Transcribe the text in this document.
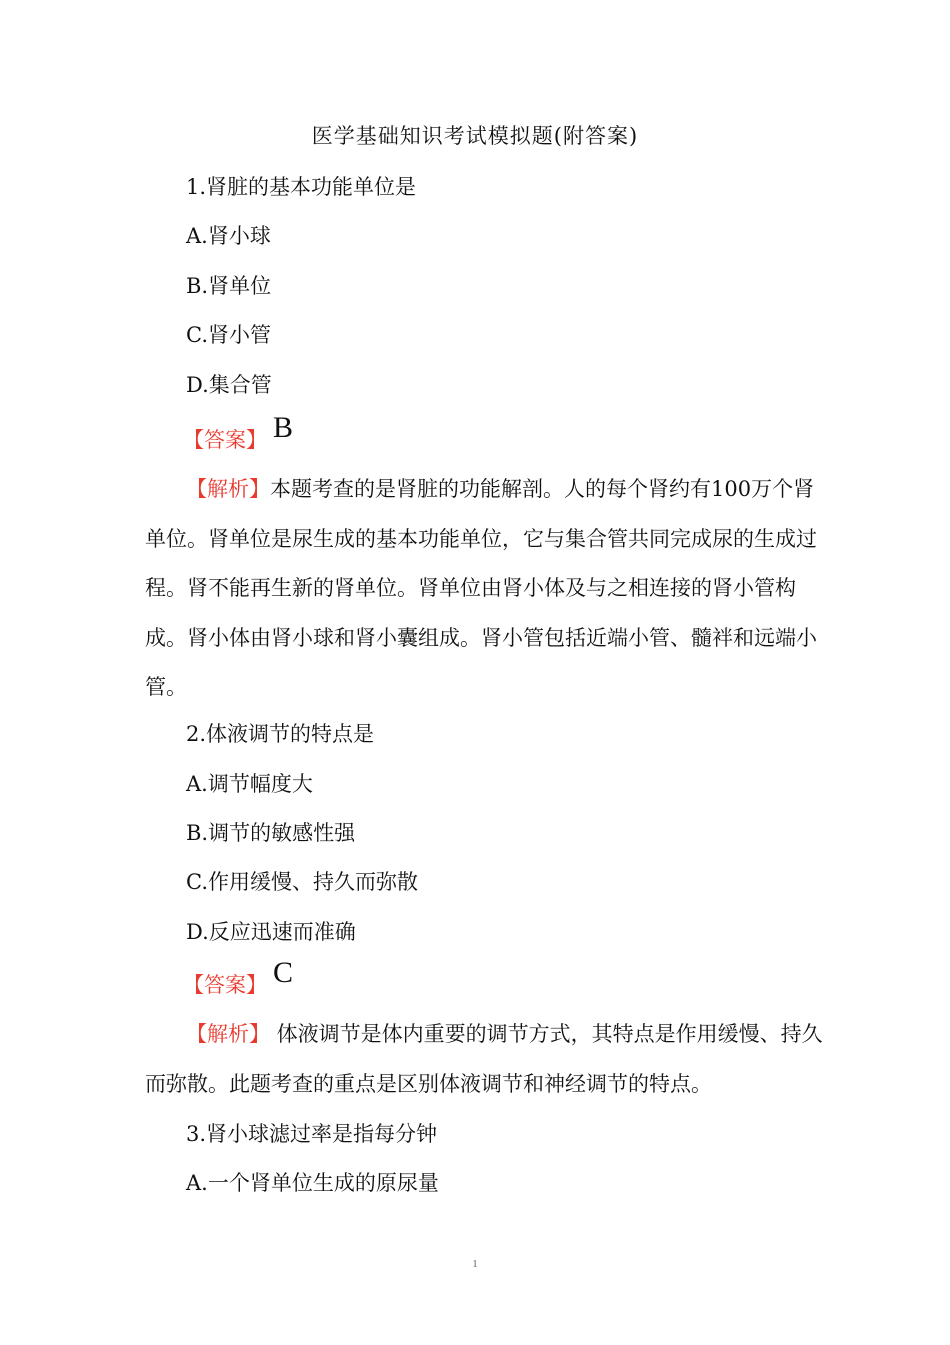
医学基础知识考试模拟题(附答案)
1.肾脏的基本功能单位是
A.肾小球
B.肾单位
C.肾小管
D.集合管
【答案】 B
【解析】本题考查的是肾脏的功能解剖。人的每个肾约有100万个肾单位。肾单位是尿生成的基本功能单位，它与集合管共同完成尿的生成过程。肾不能再生新的肾单位。肾单位由肾小体及与之相连接的肾小管构成。肾小体由肾小球和肾小囊组成。肾小管包括近端小管、髓袢和远端小管。
2.体液调节的特点是
A.调节幅度大
B.调节的敏感性强
C.作用缓慢、持久而弥散
D.反应迅速而准确
【答案】 C
【解析】 体液调节是体内重要的调节方式，其特点是作用缓慢、持久而弥散。此题考查的重点是区别体液调节和神经调节的特点。
3.肾小球滤过率是指每分钟
A.一个肾单位生成的原尿量
1
